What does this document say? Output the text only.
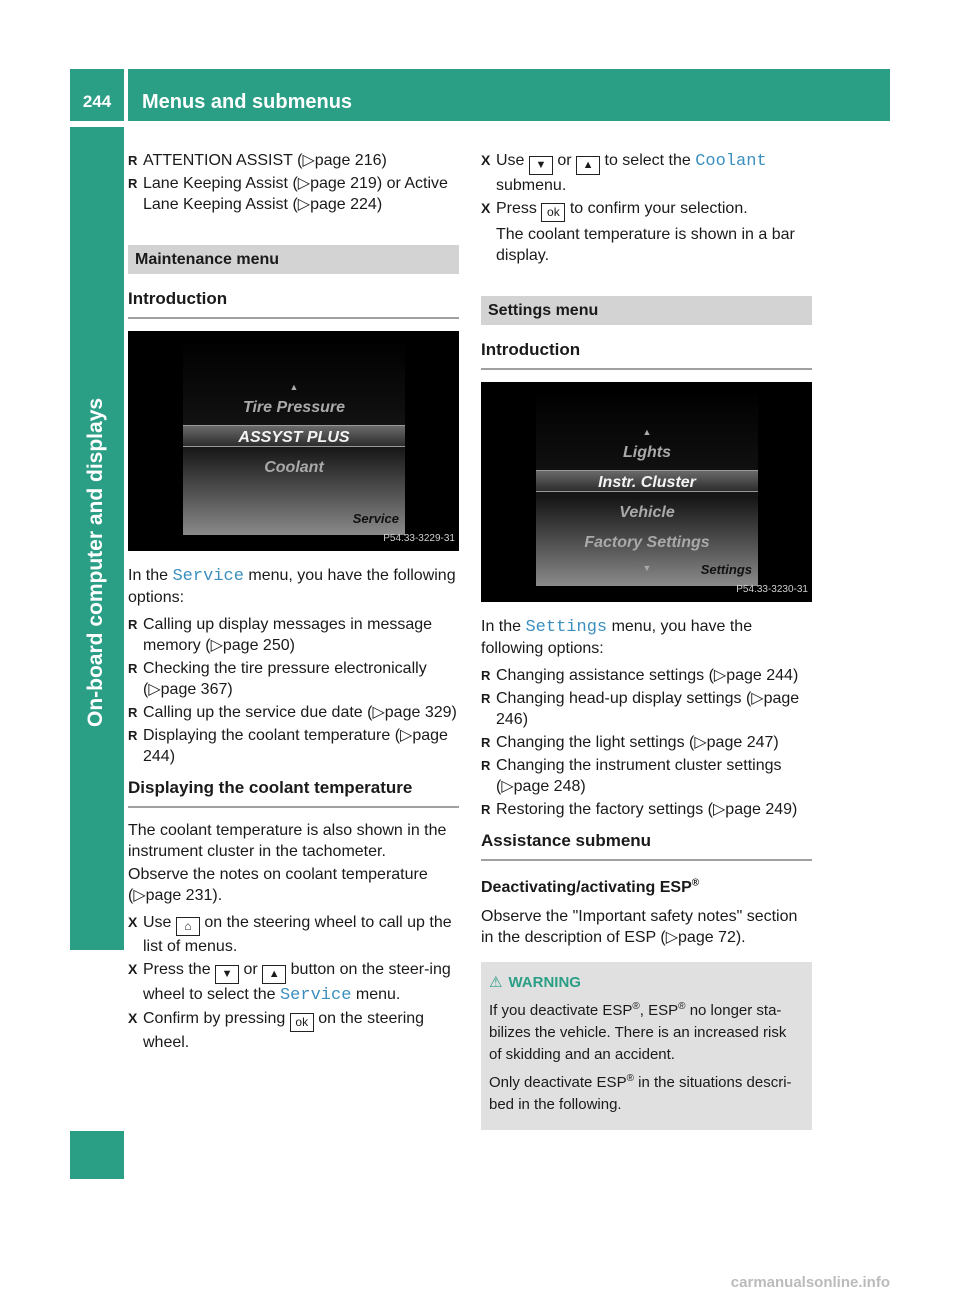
244	Menus and submenus
On-board computer and displays
R ATTENTION ASSIST (▷page 216)
R Lane Keeping Assist (▷page 219) or Active Lane Keeping Assist (▷page 224)
Maintenance menu
Introduction
▲
Tire Pressure
ASSYST PLUS
Coolant
Service
P54.33-3229-31

In the Service menu, you have the following options:

R Calling up display messages in message memory (▷page 250)
R Checking the tire pressure electronically (▷page 367)
R Calling up the service due date (▷page 329)
R Displaying the coolant temperature (▷page 244)
Displaying the coolant temperature

The coolant temperature is also shown in the instrument cluster in the tachometer.

Observe the notes on coolant temperature (▷page 231).

X Use ⌂ on the steering wheel to call up the list of menus.
X Press the ▼ or ▲ button on the steer-ing wheel to select the Service menu.
X Confirm by pressing ok on the steering wheel.
X Use ▼ or ▲ to select the Coolant submenu.
X Press ok to confirm your selection.

The coolant temperature is shown in a bar display.

Settings menu
Introduction
▲
Lights
Instr. Cluster
Vehicle
Factory Settings
▼	Settings
P54.33-3230-31

In the Settings menu, you have the following options:

R Changing assistance settings (▷page 244)
R Changing head-up display settings (▷page 246)
R Changing the light settings (▷page 247)
R Changing the instrument cluster settings (▷page 248)
R Restoring the factory settings (▷page 249)
Assistance submenu
Deactivating/activating ESP®

Observe the "Important safety notes" section in the description of ESP (▷page 72).

⚠ WARNING

If you deactivate ESP®, ESP® no longer sta-bilizes the vehicle. There is an increased risk of skidding and an accident.

Only deactivate ESP® in the situations descri-bed in the following.

carmanualsonline.info
